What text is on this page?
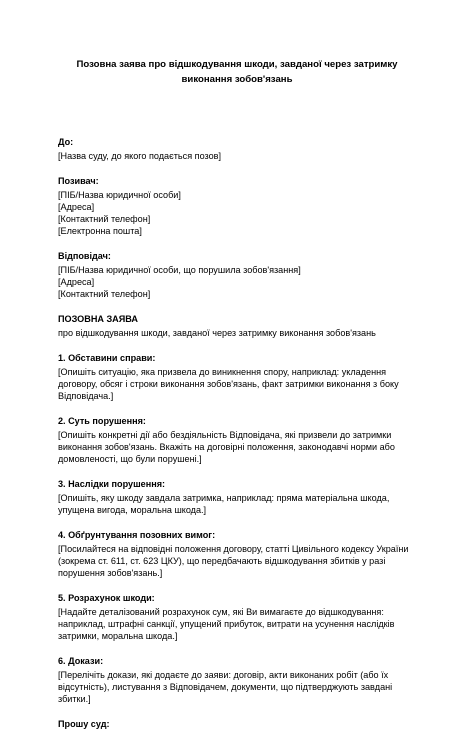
Позовна заява про відшкодування шкоди, завданої через затримку виконання зобов'язань
До:
[Назва суду, до якого подається позов]
Позивач:
[ПІБ/Назва юридичної особи]
[Адреса]
[Контактний телефон]
[Електронна пошта]
Відповідач:
[ПІБ/Назва юридичної особи, що порушила зобов'язання]
[Адреса]
[Контактний телефон]
ПОЗОВНА ЗАЯВА
про відшкодування шкоди, завданої через затримку виконання зобов'язань
1. Обставини справи:

[Опишіть ситуацію, яка призвела до виникнення спору, наприклад: укладення договору, обсяг і строки виконання зобов'язань, факт затримки виконання з боку Відповідача.]

2. Суть порушення:

[Опишіть конкретні дії або бездіяльність Відповідача, які призвели до затримки виконання зобов'язань. Вкажіть на договірні положення, законодавчі норми або домовленості, що були порушені.]

3. Наслідки порушення:

[Опишіть, яку шкоду завдала затримка, наприклад: пряма матеріальна шкода, упущена вигода, моральна шкода.]

4. Обґрунтування позовних вимог:

[Посилайтеся на відповідні положення договору, статті Цивільного кодексу України (зокрема ст. 611, ст. 623 ЦКУ), що передбачають відшкодування збитків у разі порушення зобов'язань.]

5. Розрахунок шкоди:

[Надайте деталізований розрахунок сум, які Ви вимагаєте до відшкодування: наприклад, штрафні санкції, упущений прибуток, витрати на усунення наслідків затримки, моральна шкода.]

6. Докази:

[Перелічіть докази, які додаєте до заяви: договір, акти виконаних робіт (або їх відсутність), листування з Відповідачем, документи, що підтверджують завдані збитки.]

Прошу суд:
